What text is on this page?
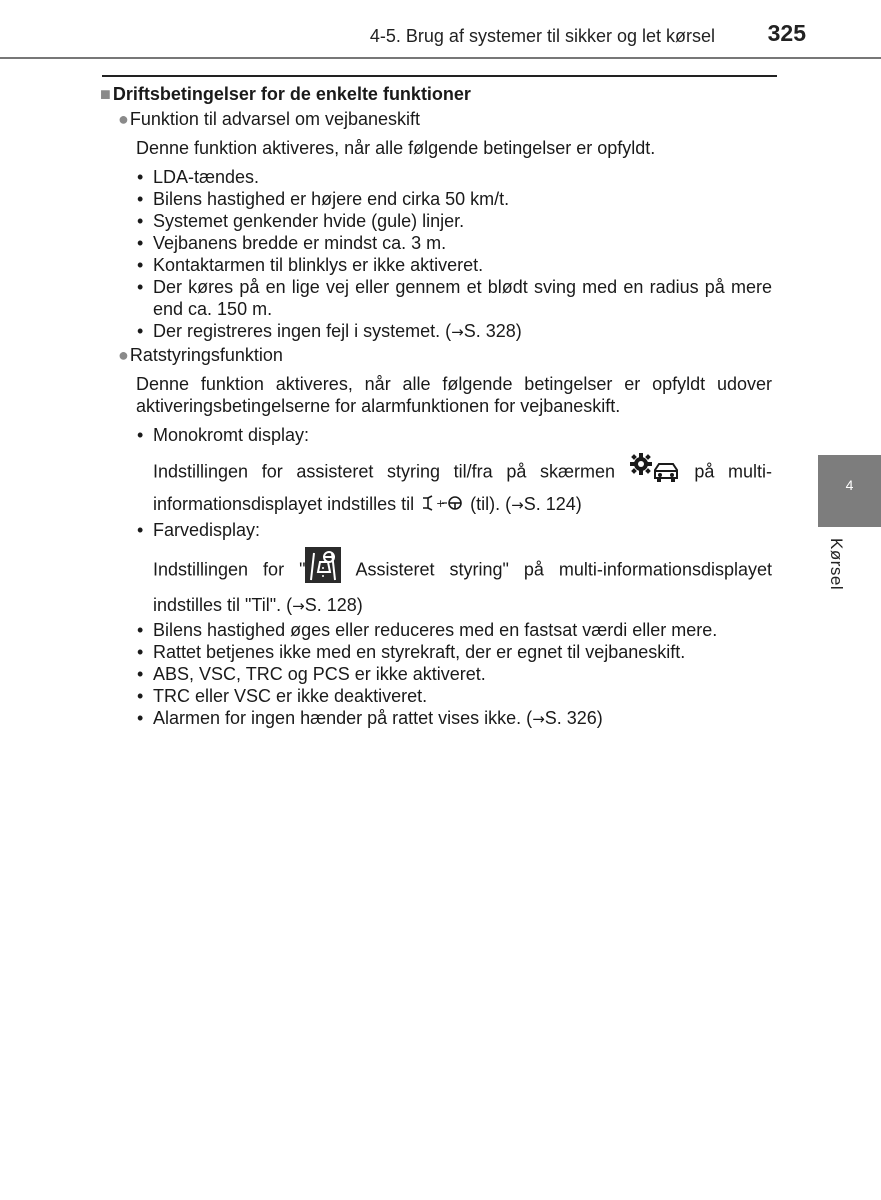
4-5. Brug af systemer til sikker og let kørsel	325
4
Kørsel
■ Driftsbetingelser for de enkelte funktioner
●Funktion til advarsel om vejbaneskift
Denne funktion aktiveres, når alle følgende betingelser er opfyldt.
• LDA-tændes.
• Bilens hastighed er højere end cirka 50 km/t.
• Systemet genkender hvide (gule) linjer.
• Vejbanens bredde er mindst ca. 3 m.
• Kontaktarmen til blinklys er ikke aktiveret.
• Der køres på en lige vej eller gennem et blødt sving med en radius på mere end ca. 150 m.
• Der registreres ingen fejl i systemet. (→S. 328)
●Ratstyringsfunktion
Denne funktion aktiveres, når alle følgende betingelser er opfyldt udover aktiveringsbetingelserne for alarmfunktionen for vejbaneskift.
• Monokromt display:
Indstillingen for assisteret styring til/fra på skærmen	på multi-
informationsdisplayet indstilles til + (til). (→S. 124)
• Farvedisplay:
Indstillingen for " Assisteret styring" på multi-informationsdisplayet
indstilles til "Til". (→S. 128)
• Bilens hastighed øges eller reduceres med en fastsat værdi eller mere.
• Rattet betjenes ikke med en styrekraft, der er egnet til vejbaneskift.
• ABS, VSC, TRC og PCS er ikke aktiveret.
• TRC eller VSC er ikke deaktiveret.
• Alarmen for ingen hænder på rattet vises ikke. (→S. 326)
